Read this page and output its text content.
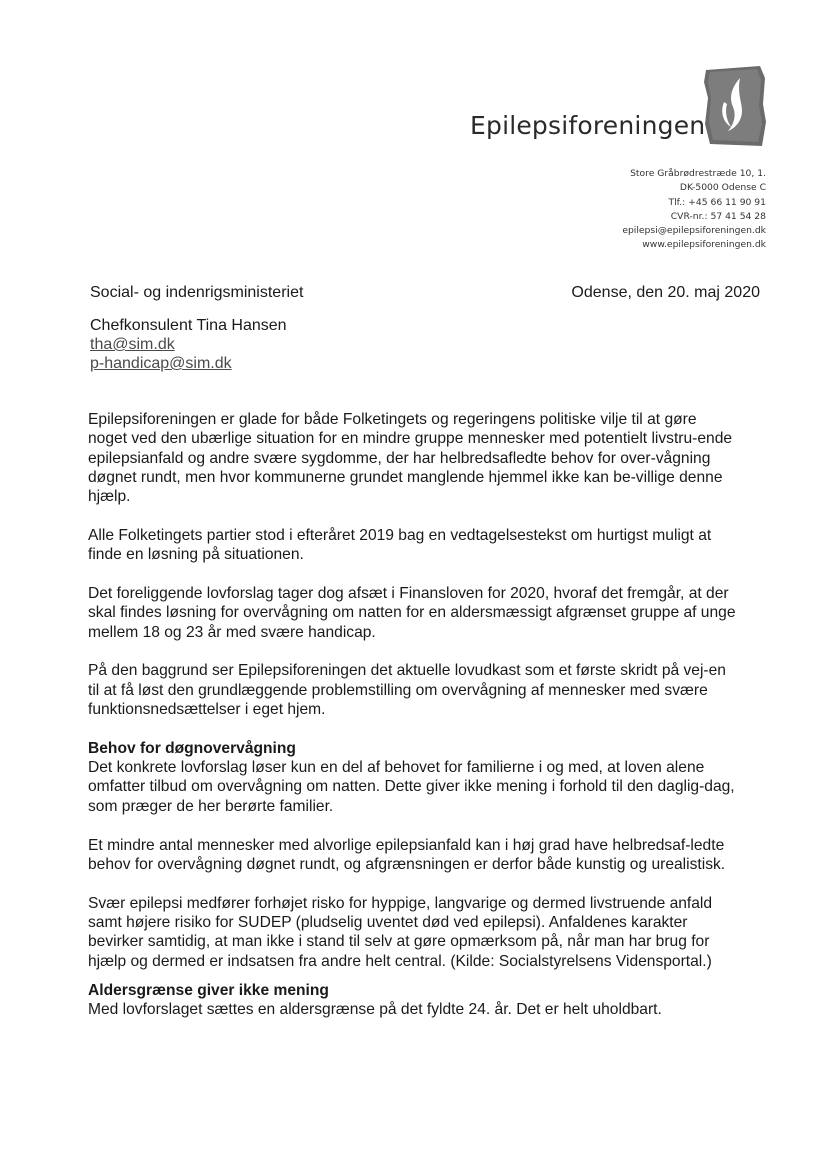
Epilepsiforeningen
Store Gråbrødrestræde 10, 1.
DK-5000 Odense C
Tlf.: +45 66 11 90 91
CVR-nr.: 57 41 54 28
epilepsi@epilepsiforeningen.dk
www.epilepsiforeningen.dk
Social- og indenrigsministeriet	Odense, den 20. maj 2020
Chefkonsulent Tina Hansen
tha@sim.dk
p-handicap@sim.dk

Epilepsiforeningen er glade for både Folketingets og regeringens politiske vilje til at gøre noget ved den ubærlige situation for en mindre gruppe mennesker med potentielt livstru-ende epilepsianfald og andre svære sygdomme, der har helbredsafledte behov for over-vågning døgnet rundt, men hvor kommunerne grundet manglende hjemmel ikke kan be-villige denne hjælp.

Alle Folketingets partier stod i efteråret 2019 bag en vedtagelsestekst om hurtigst muligt at finde en løsning på situationen.

Det foreliggende lovforslag tager dog afsæt i Finansloven for 2020, hvoraf det fremgår, at der skal findes løsning for overvågning om natten for en aldersmæssigt afgrænset gruppe af unge mellem 18 og 23 år med svære handicap.

På den baggrund ser Epilepsiforeningen det aktuelle lovudkast som et første skridt på vej-en til at få løst den grundlæggende problemstilling om overvågning af mennesker med svære funktionsnedsættelser i eget hjem.

Behov for døgnovervågning

Det konkrete lovforslag løser kun en del af behovet for familierne i og med, at loven alene omfatter tilbud om overvågning om natten. Dette giver ikke mening i forhold til den daglig-dag, som præger de her berørte familier.

Et mindre antal mennesker med alvorlige epilepsianfald kan i høj grad have helbredsaf-ledte behov for overvågning døgnet rundt, og afgrænsningen er derfor både kunstig og urealistisk.

Svær epilepsi medfører forhøjet risko for hyppige, langvarige og dermed livstruende anfald samt højere risiko for SUDEP (pludselig uventet død ved epilepsi). Anfaldenes karakter bevirker samtidig, at man ikke i stand til selv at gøre opmærksom på, når man har brug for hjælp og dermed er indsatsen fra andre helt central. (Kilde: Socialstyrelsens Vidensportal.)

Aldersgrænse giver ikke mening

Med lovforslaget sættes en aldersgrænse på det fyldte 24. år. Det er helt uholdbart.
